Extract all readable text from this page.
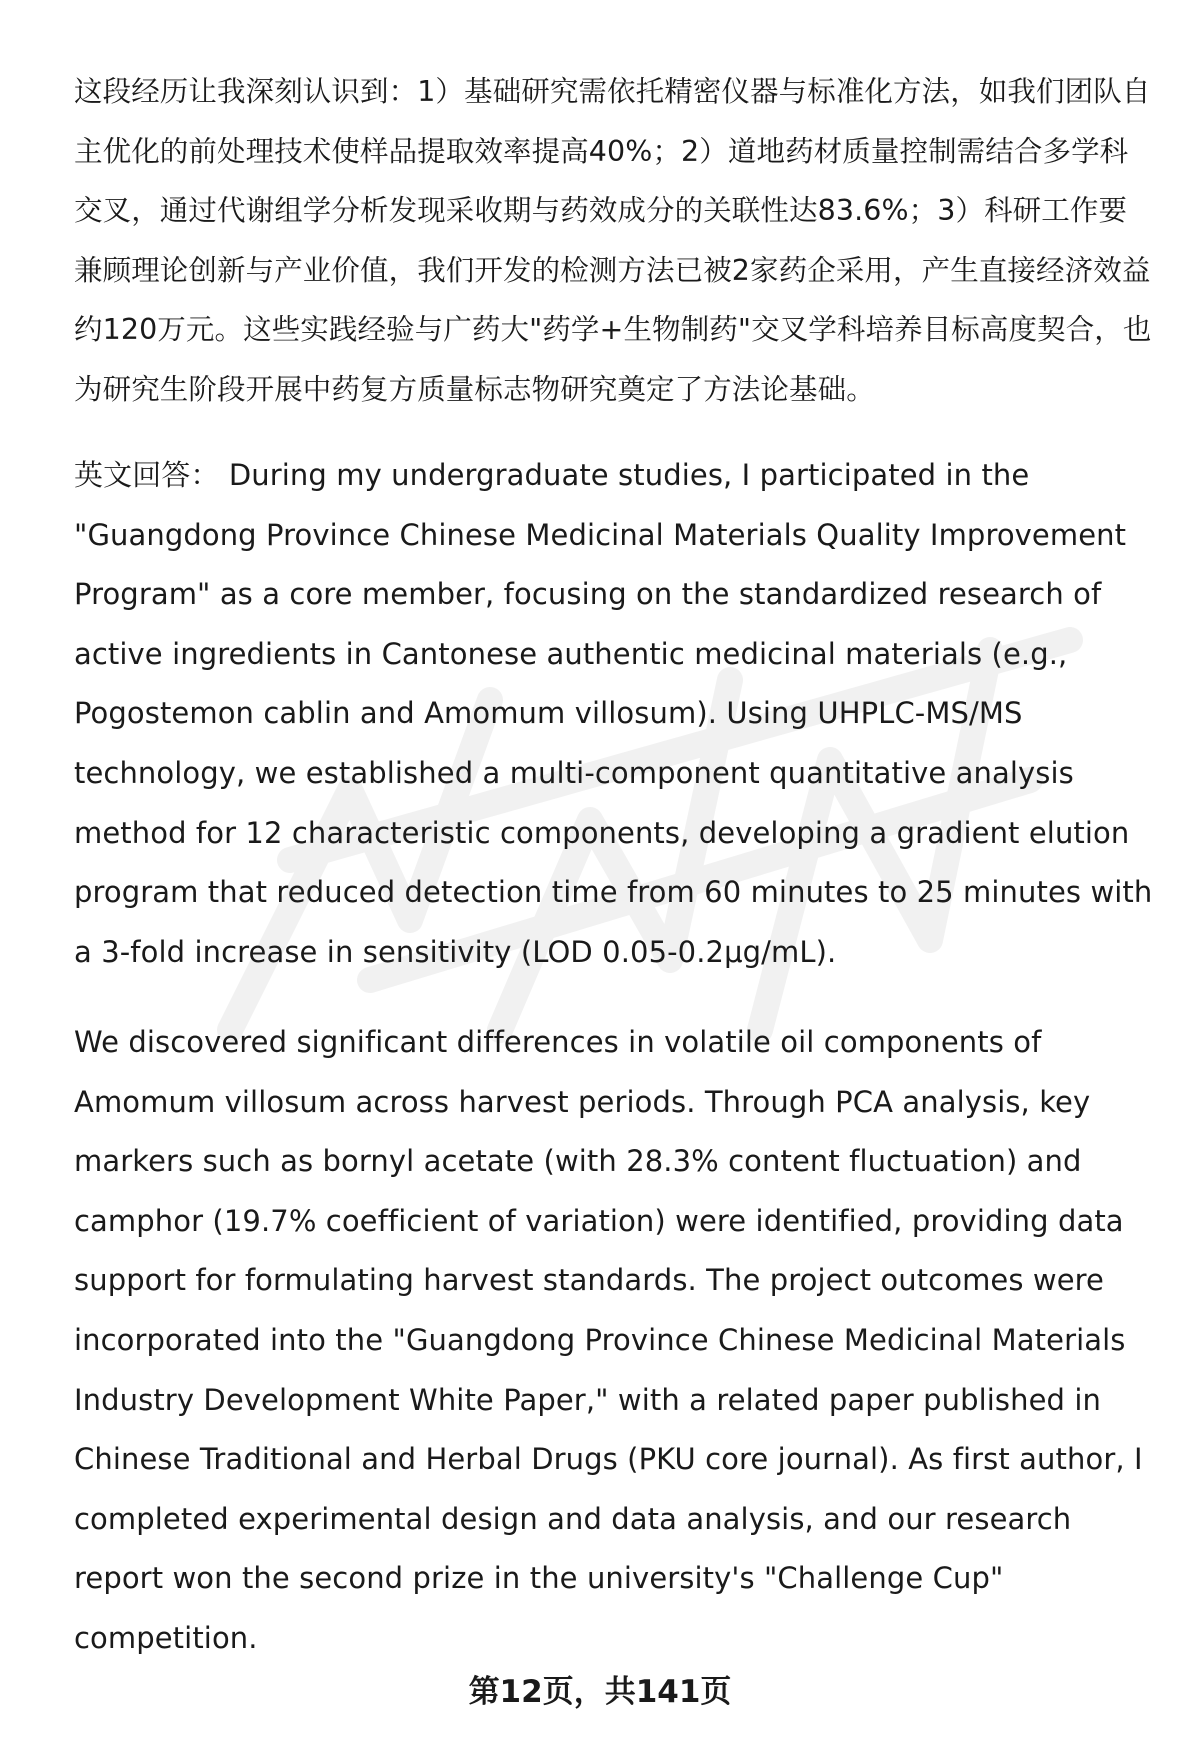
这段经历让我深刻认识到：1）基础研究需依托精密仪器与标准化方法，如我们团队自主优化的前处理技术使样品提取效率提高40%；2）道地药材质量控制需结合多学科交叉，通过代谢组学分析发现采收期与药效成分的关联性达83.6%；3）科研工作要兼顾理论创新与产业价值，我们开发的检测方法已被2家药企采用，产生直接经济效益约120万元。这些实践经验与广药大"药学+生物制药"交叉学科培养目标高度契合，也为研究生阶段开展中药复方质量标志物研究奠定了方法论基础。

英文回答： During my undergraduate studies, I participated in the "Guangdong Province Chinese Medicinal Materials Quality Improvement Program" as a core member, focusing on the standardized research of active ingredients in Cantonese authentic medicinal materials (e.g., Pogostemon cablin and Amomum villosum). Using UHPLC-MS/MS technology, we established a multi-component quantitative analysis method for 12 characteristic components, developing a gradient elution program that reduced detection time from 60 minutes to 25 minutes with a 3-fold increase in sensitivity (LOD 0.05-0.2μg/mL).

We discovered significant differences in volatile oil components of Amomum villosum across harvest periods. Through PCA analysis, key markers such as bornyl acetate (with 28.3% content fluctuation) and camphor (19.7% coefficient of variation) were identified, providing data support for formulating harvest standards. The project outcomes were incorporated into the "Guangdong Province Chinese Medicinal Materials Industry Development White Paper," with a related paper published in Chinese Traditional and Herbal Drugs (PKU core journal). As first author, I completed experimental design and data analysis, and our research report won the second prize in the university's "Challenge Cup" competition.

第12页，共141页
